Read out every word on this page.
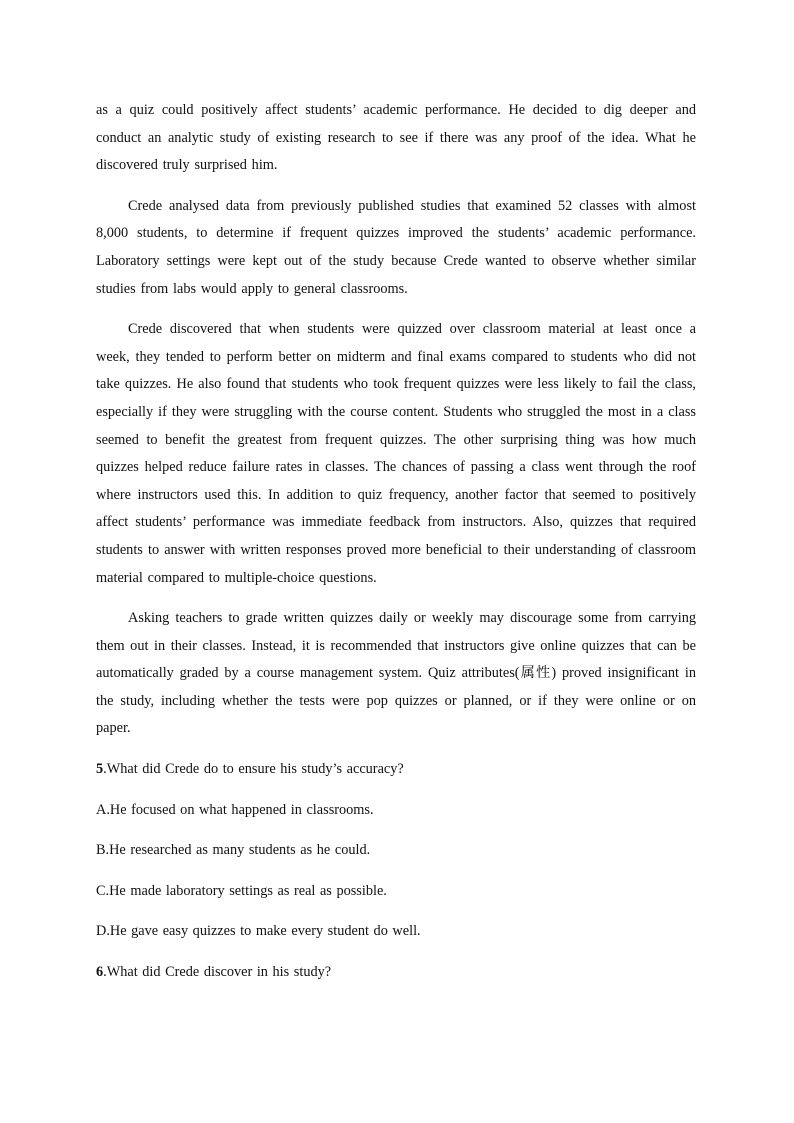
as a quiz could positively affect students’ academic performance. He decided to dig deeper and conduct an analytic study of existing research to see if there was any proof of the idea. What he discovered truly surprised him.

Crede analysed data from previously published studies that examined 52 classes with almost 8,000 students, to determine if frequent quizzes improved the students’ academic performance. Laboratory settings were kept out of the study because Crede wanted to observe whether similar studies from labs would apply to general classrooms.

Crede discovered that when students were quizzed over classroom material at least once a week, they tended to perform better on midterm and final exams compared to students who did not take quizzes. He also found that students who took frequent quizzes were less likely to fail the class, especially if they were struggling with the course content. Students who struggled the most in a class seemed to benefit the greatest from frequent quizzes. The other surprising thing was how much quizzes helped reduce failure rates in classes. The chances of passing a class went through the roof where instructors used this. In addition to quiz frequency, another factor that seemed to positively affect students’ performance was immediate feedback from instructors. Also, quizzes that required students to answer with written responses proved more beneficial to their understanding of classroom material compared to multiple-choice questions.

Asking teachers to grade written quizzes daily or weekly may discourage some from carrying them out in their classes. Instead, it is recommended that instructors give online quizzes that can be automatically graded by a course management system. Quiz attributes(属性) proved insignificant in the study, including whether the tests were pop quizzes or planned, or if they were online or on paper.

5.What did Crede do to ensure his study’s accuracy?

A.He focused on what happened in classrooms.

B.He researched as many students as he could.

C.He made laboratory settings as real as possible.

D.He gave easy quizzes to make every student do well.

6.What did Crede discover in his study?
